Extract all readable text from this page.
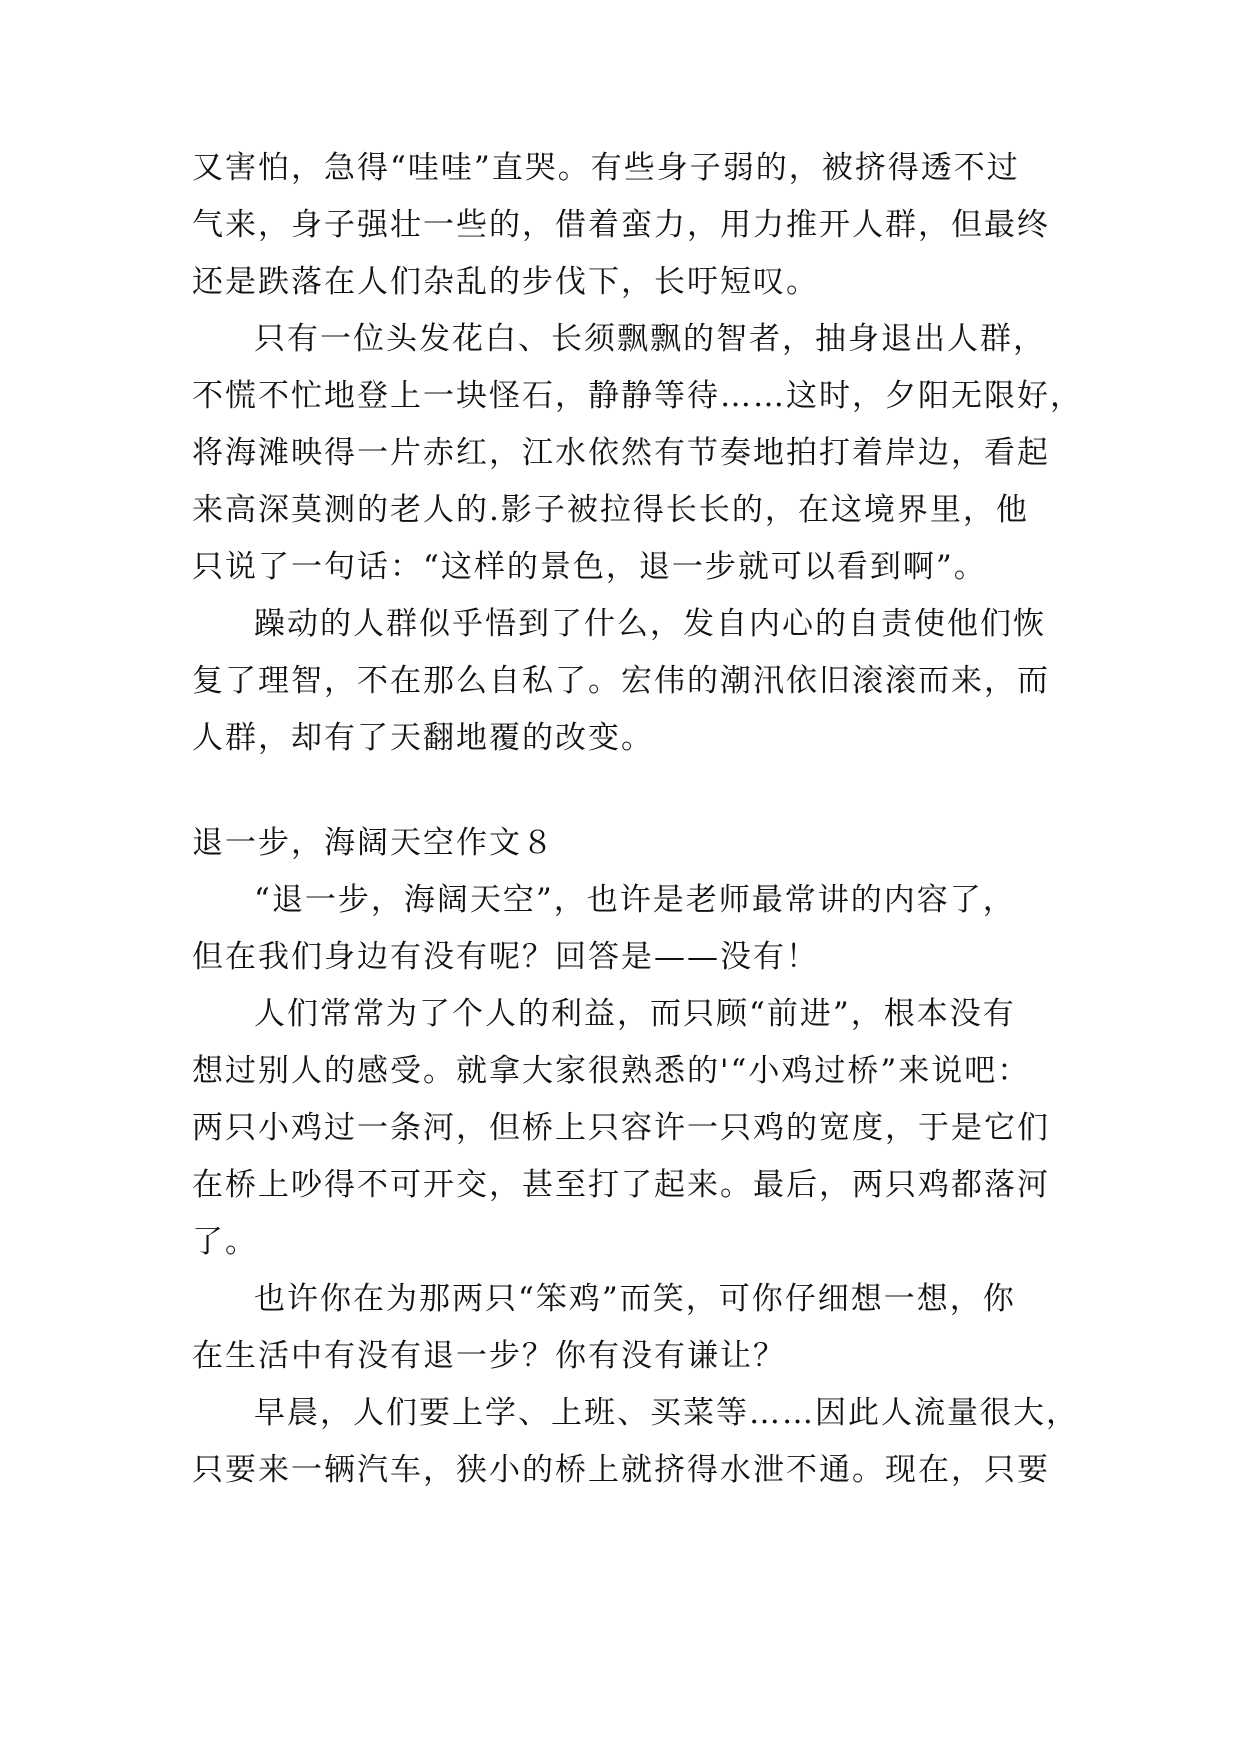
又害怕，急得“哇哇”直哭。有些身子弱的，被挤得透不过
气来，身子强壮一些的，借着蛮力，用力推开人群，但最终
还是跌落在人们杂乱的步伐下，长吁短叹。
只有一位头发花白、长须飘飘的智者，抽身退出人群，
不慌不忙地登上一块怪石，静静等待……这时，夕阳无限好，
将海滩映得一片赤红，江水依然有节奏地拍打着岸边，看起
来高深莫测的老人的.影子被拉得长长的，在这境界里，他
只说了一句话：“这样的景色，退一步就可以看到啊”。
躁动的人群似乎悟到了什么，发自内心的自责使他们恢
复了理智，不在那么自私了。宏伟的潮汛依旧滚滚而来，而
人群，却有了天翻地覆的改变。
退一步，海阔天空作文８
“退一步，海阔天空”，也许是老师最常讲的内容了，
但在我们身边有没有呢？回答是——没有！
人们常常为了个人的利益，而只顾“前进”，根本没有
想过别人的感受。就拿大家很熟悉的'“小鸡过桥”来说吧：
两只小鸡过一条河，但桥上只容许一只鸡的宽度，于是它们
在桥上吵得不可开交，甚至打了起来。最后，两只鸡都落河
了。
也许你在为那两只“笨鸡”而笑，可你仔细想一想，你
在生活中有没有退一步？你有没有谦让？
早晨，人们要上学、上班、买菜等……因此人流量很大，
只要来一辆汽车，狭小的桥上就挤得水泄不通。现在，只要
